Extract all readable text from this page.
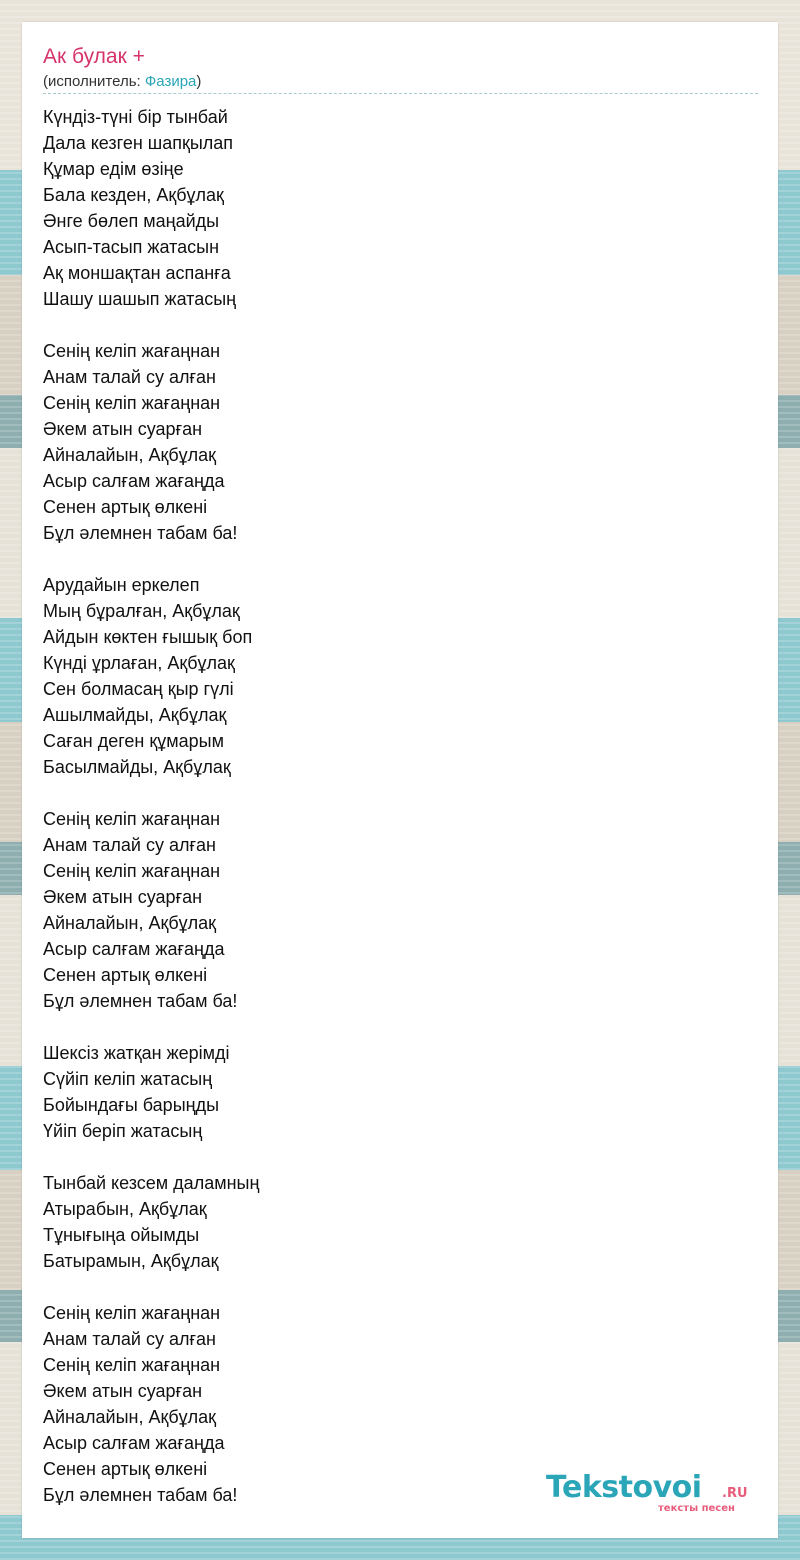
Ак булак +
(исполнитель: Фазира)
Күндіз-түні бір тынбай
Дала кезген шапқылап
Құмар едім өзіңе
Бала кезден, Ақбұлақ
Әнге бөлеп маңайды
Асып-тасып жатасын
Ақ моншақтан аспанға
Шашу шашып жатасың
Сенің келіп жағаңнан
Анам талай су алған
Сенің келіп жағаңнан
Әкем атын суарған
Айналайын, Ақбұлақ
Асыр салғам жағаңда
Сенен артық өлкені
Бұл әлемнен табам ба!
Арудайын еркелеп
Мың бұралған, Ақбұлақ
Айдын көктен ғышық боп
Күнді ұрлаған, Ақбұлақ
Сен болмасаң қыр гүлі
Ашылмайды, Ақбұлақ
Саған деген құмарым
Басылмайды, Ақбұлақ
Сенің келіп жағаңнан
Анам талай су алған
Сенің келіп жағаңнан
Әкем атын суарған
Айналайын, Ақбұлақ
Асыр салғам жағаңда
Сенен артық өлкені
Бұл әлемнен табам ба!
Шексіз жатқан жерімді
Сүйіп келіп жатасың
Бойындағы барыңды
Үйіп беріп жатасың
Тынбай кезсем даламның
Атырабын, Ақбұлақ
Тұнығыңа ойымды
Батырамын, Ақбұлақ
Сенің келіп жағаңнан
Анам талай су алған
Сенің келіп жағаңнан
Әкем атын суарған
Айналайын, Ақбұлақ
Асыр салғам жағаңда
Сенен артық өлкені
Бұл әлемнен табам ба!	Tekstovoi .RU
тексты песен
